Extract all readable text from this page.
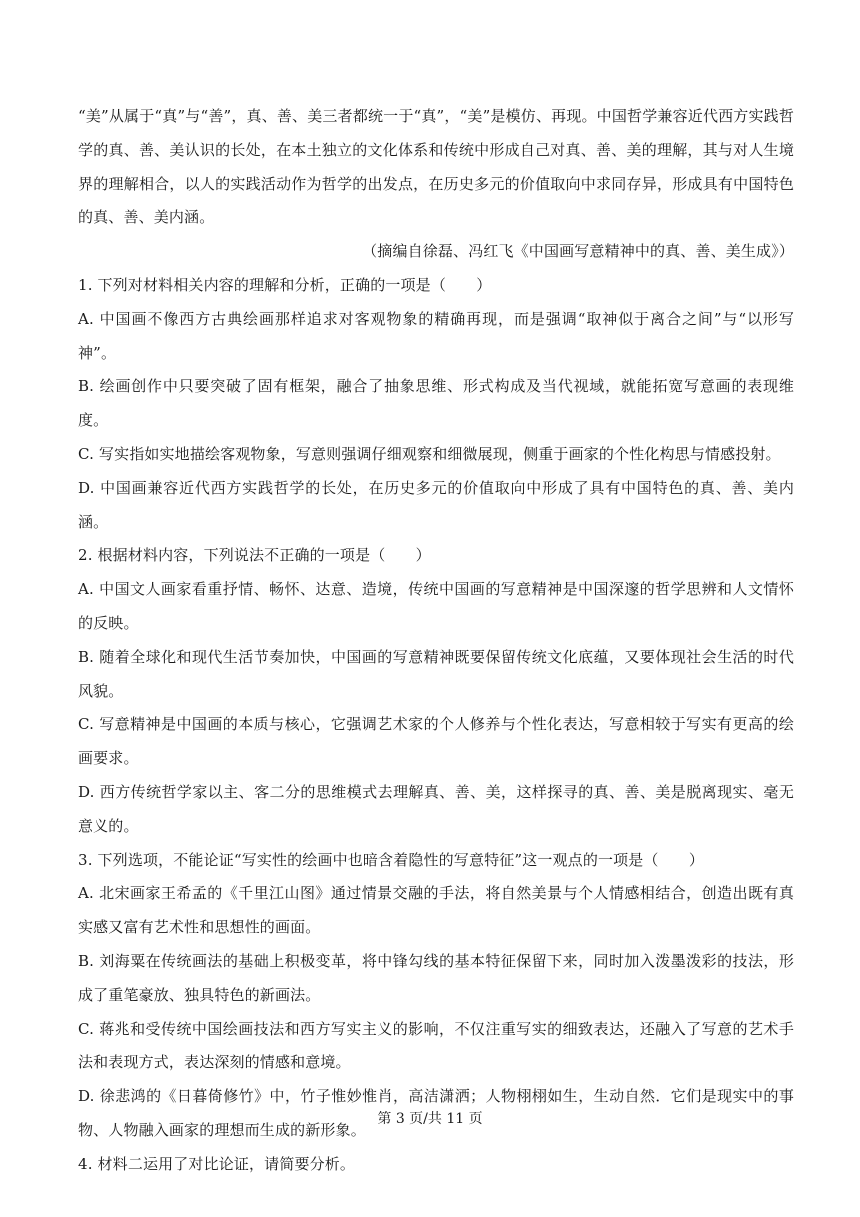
“美”从属于“真”与“善”，真、善、美三者都统一于“真”，“美”是模仿、再现。中国哲学兼容近代西方实践哲学的真、善、美认识的长处，在本土独立的文化体系和传统中形成自己对真、善、美的理解，其与对人生境界的理解相合，以人的实践活动作为哲学的出发点，在历史多元的价值取向中求同存异，形成具有中国特色的真、善、美内涵。

（摘编自徐磊、冯红飞《中国画写意精神中的真、善、美生成》）

1. 下列对材料相关内容的理解和分析，正确的一项是（　　）

A. 中国画不像西方古典绘画那样追求对客观物象的精确再现，而是强调“取神似于离合之间”与“以形写神”。

B. 绘画创作中只要突破了固有框架，融合了抽象思维、形式构成及当代视域，就能拓宽写意画的表现维度。

C. 写实指如实地描绘客观物象，写意则强调仔细观察和细微展现，侧重于画家的个性化构思与情感投射。

D. 中国画兼容近代西方实践哲学的长处，在历史多元的价值取向中形成了具有中国特色的真、善、美内涵。

2. 根据材料内容，下列说法不正确的一项是（　　）

A. 中国文人画家看重抒情、畅怀、达意、造境，传统中国画的写意精神是中国深邃的哲学思辨和人文情怀的反映。

B. 随着全球化和现代生活节奏加快，中国画的写意精神既要保留传统文化底蕴，又要体现社会生活的时代风貌。

C. 写意精神是中国画的本质与核心，它强调艺术家的个人修养与个性化表达，写意相较于写实有更高的绘画要求。

D. 西方传统哲学家以主、客二分的思维模式去理解真、善、美，这样探寻的真、善、美是脱离现实、毫无意义的。

3. 下列选项，不能论证“写实性的绘画中也暗含着隐性的写意特征”这一观点的一项是（　　）

A. 北宋画家王希孟的《千里江山图》通过情景交融的手法，将自然美景与个人情感相结合，创造出既有真实感又富有艺术性和思想性的画面。

B. 刘海粟在传统画法的基础上积极变革，将中锋勾线的基本特征保留下来，同时加入泼墨泼彩的技法，形成了重笔豪放、独具特色的新画法。

C. 蒋兆和受传统中国绘画技法和西方写实主义的影响，不仅注重写实的细致表达，还融入了写意的艺术手法和表现方式，表达深刻的情感和意境。

D. 徐悲鸿的《日暮倚修竹》中，竹子惟妙惟肖，高洁潇洒；人物栩栩如生，生动自然．它们是现实中的事物、人物融入画家的理想而生成的新形象。

4. 材料二运用了对比论证，请简要分析。

第 3 页/共 11 页
